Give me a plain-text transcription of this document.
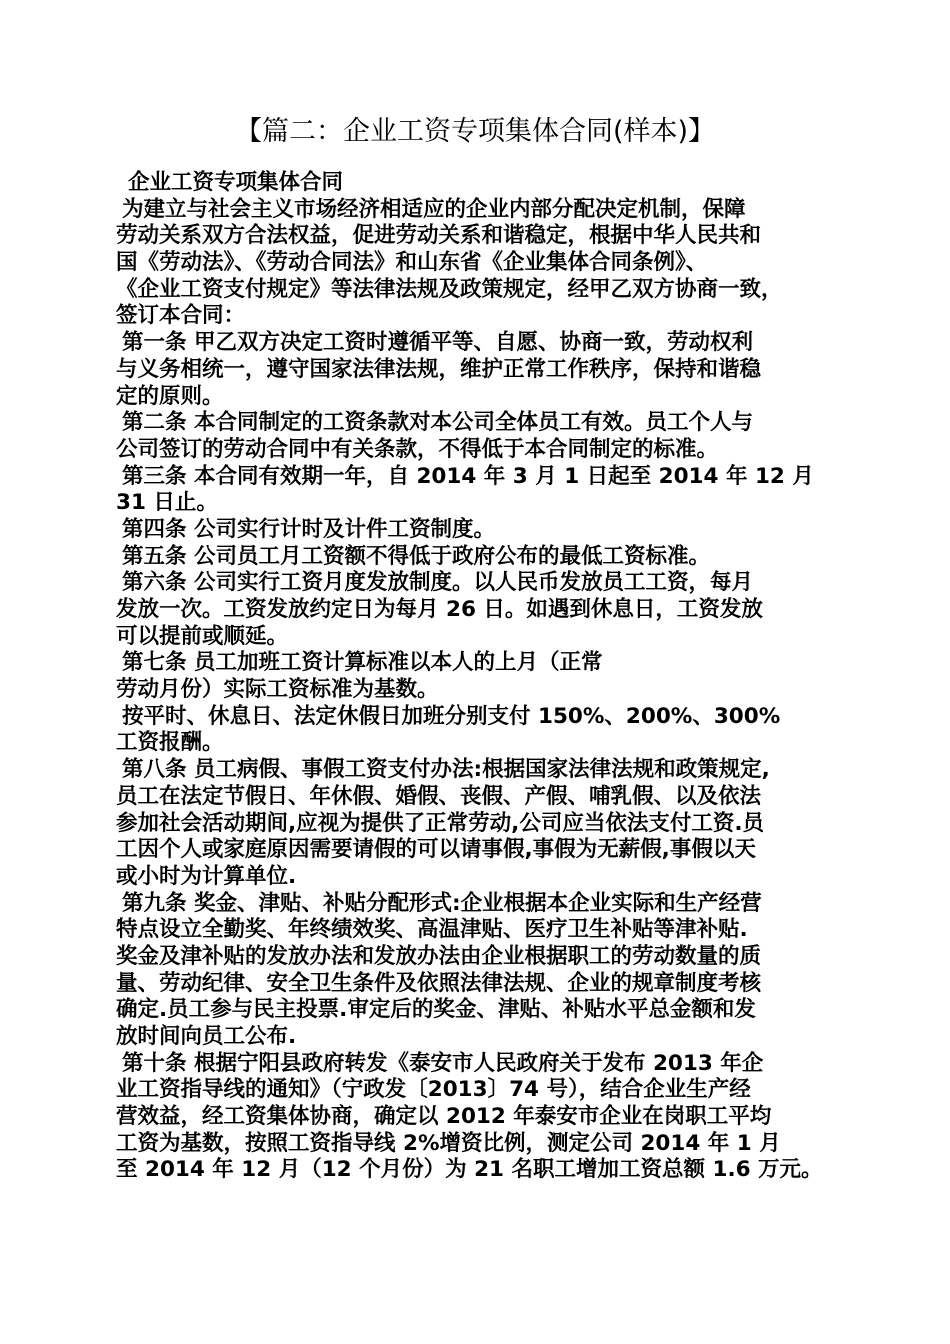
【篇二：企业工资专项集体合同(样本)】
企业工资专项集体合同
为建立与社会主义市场经济相适应的企业内部分配决定机制，保障
劳动关系双方合法权益，促进劳动关系和谐稳定，根据中华人民共和
国《劳动法》、《劳动合同法》和山东省《企业集体合同条例》、
《企业工资支付规定》等法律法规及政策规定，经甲乙双方协商一致，
签订本合同：
第一条 甲乙双方决定工资时遵循平等、自愿、协商一致，劳动权利
与义务相统一，遵守国家法律法规，维护正常工作秩序，保持和谐稳
定的原则。
第二条 本合同制定的工资条款对本公司全体员工有效。员工个人与
公司签订的劳动合同中有关条款，不得低于本合同制定的标准。
第三条 本合同有效期一年，自 2014 年 3 月 1 日起至 2014 年 12 月
31 日止。
第四条 公司实行计时及计件工资制度。
第五条 公司员工月工资额不得低于政府公布的最低工资标准。
第六条 公司实行工资月度发放制度。以人民币发放员工工资，每月
发放一次。工资发放约定日为每月 26 日。如遇到休息日，工资发放
可以提前或顺延。
第七条 员工加班工资计算标准以本人的上月（正常
劳动月份）实际工资标准为基数。
按平时、休息日、法定休假日加班分别支付 150%、200%、300%
工资报酬。
第八条 员工病假、事假工资支付办法:根据国家法律法规和政策规定,
员工在法定节假日、年休假、婚假、丧假、产假、哺乳假、以及依法
参加社会活动期间,应视为提供了正常劳动,公司应当依法支付工资.员
工因个人或家庭原因需要请假的可以请事假,事假为无薪假,事假以天
或小时为计算单位.
第九条 奖金、津贴、补贴分配形式:企业根据本企业实际和生产经营
特点设立全勤奖、年终绩效奖、高温津贴、医疗卫生补贴等津补贴.
奖金及津补贴的发放办法和发放办法由企业根据职工的劳动数量的质
量、劳动纪律、安全卫生条件及依照法律法规、企业的规章制度考核
确定.员工参与民主投票.审定后的奖金、津贴、补贴水平总金额和发
放时间向员工公布.
第十条 根据宁阳县政府转发《泰安市人民政府关于发布 2013 年企
业工资指导线的通知》（宁政发〔2013〕74 号），结合企业生产经
营效益，经工资集体协商，确定以 2012 年泰安市企业在岗职工平均
工资为基数，按照工资指导线 2%增资比例，测定公司 2014 年 1 月
至 2014 年 12 月（12 个月份）为 21 名职工增加工资总额 1.6 万元。
